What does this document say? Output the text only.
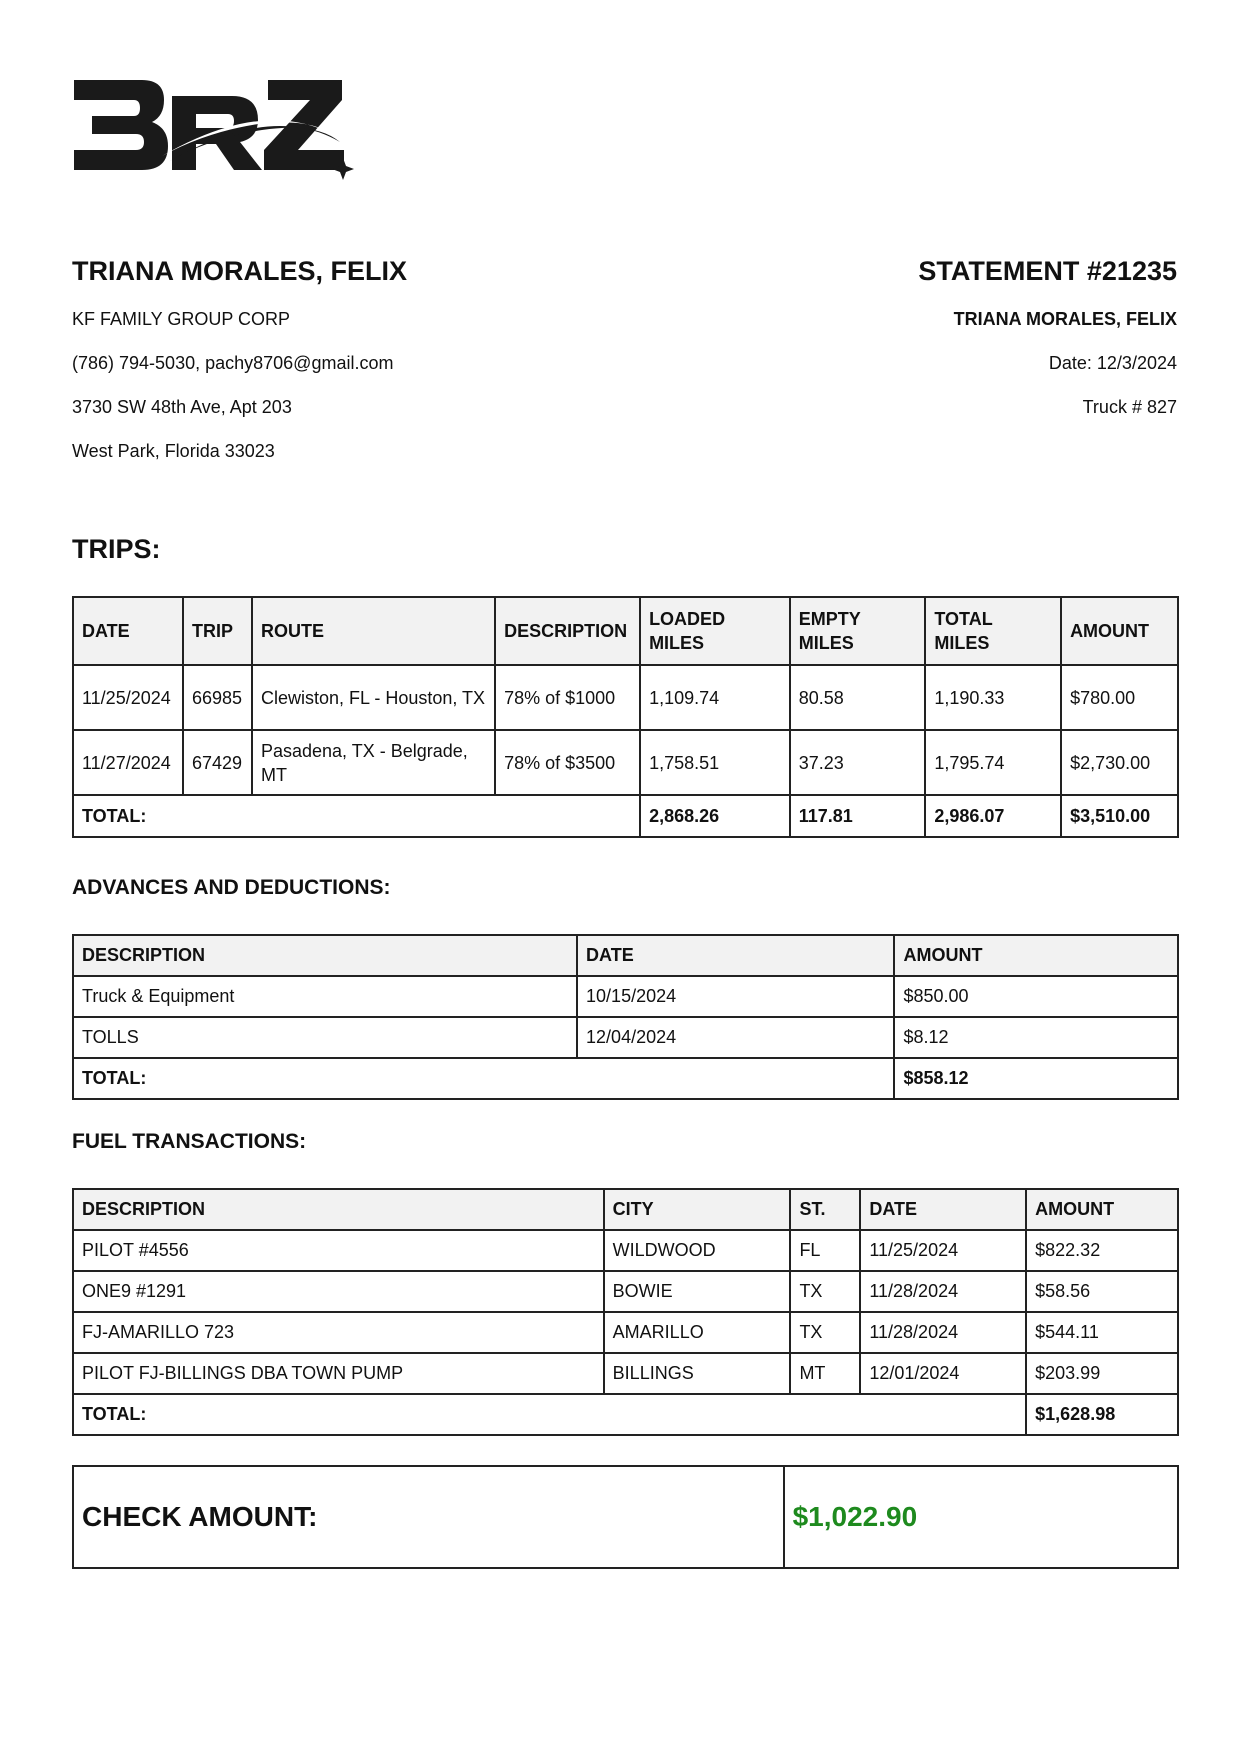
TRIANA MORALES, FELIX

KF FAMILY GROUP CORP

(786) 794-5030, pachy8706@gmail.com

3730 SW 48th Ave, Apt 203

West Park, Florida 33023

STATEMENT #21235

TRIANA MORALES, FELIX

Date: 12/3/2024

Truck # 827

TRIPS:
DATE	TRIP	ROUTE	DESCRIPTION	LOADED MILES	EMPTY MILES	TOTAL MILES	AMOUNT
11/25/2024	66985	Clewiston, FL - Houston, TX	78% of $1000	1,109.74	80.58	1,190.33	$780.00
11/27/2024	67429	Pasadena, TX - Belgrade, MT	78% of $3500	1,758.51	37.23	1,795.74	$2,730.00
TOTAL:				2,868.26	117.81	2,986.07	$3,510.00
ADVANCES AND DEDUCTIONS:
DESCRIPTION	DATE	AMOUNT
Truck & Equipment	10/15/2024	$850.00
TOLLS	12/04/2024	$8.12
TOTAL:		$858.12
FUEL TRANSACTIONS:
DESCRIPTION	CITY	ST.	DATE	AMOUNT
PILOT #4556	WILDWOOD	FL	11/25/2024	$822.32
ONE9 #1291	BOWIE	TX	11/28/2024	$58.56
FJ-AMARILLO 723	AMARILLO	TX	11/28/2024	$544.11
PILOT FJ-BILLINGS DBA TOWN PUMP	BILLINGS	MT	12/01/2024	$203.99
TOTAL:				$1,628.98
CHECK AMOUNT:	$1,022.90
